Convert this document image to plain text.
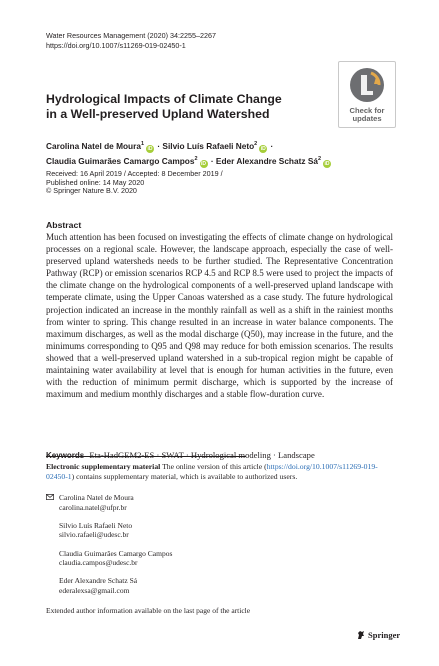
Water Resources Management (2020) 34:2255–2267
https://doi.org/10.1007/s11269-019-02450-1
Check for
updates
Hydrological Impacts of Climate Change
in a Well-preserved Upland Watershed
Carolina Natel de Moura$^1$iD · Silvio Luís Rafaeli Neto$^2$iD ·
Claudia Guimarães Camargo Campos$^2$iD · Eder Alexandre Schatz $Sá^2iD$
Received: 16 April 2019 / Accepted: 8 December 2019 /
Published online: 14 May 2020
© Springer Nature B.V. 2020
Abstract
Much attention has been focused on investigating the effects of climate change on hydrological processes on a regional scale. However, the landscape approach, especially the case of well-preserved upland watersheds needs to be further studied. The Representative Concentration Pathway (RCP) or emission scenarios RCP 4.5 and RCP 8.5 were used to project the impacts of the climate change on the hydrological components of a well-preserved upland landscape with temperate climate, using the Upper Canoas watershed as a case study. The future hydrological projection indicated an increase in the monthly rainfall as well as a shift in the rainiest months from winter to spring. This change resulted in an increase in water balance components. The maximum discharges, as well as the modal discharge (Q50), may increase in the future, and the minimums corresponding to Q95 and Q98 may reduce for both emission scenarios. The results showed that a well-preserved upland watershed in a sub-tropical region might be capable of maintaining water availability at level that is enough for human activities in the future, even with the reduction of minimum permit discharge, which is supported by the increase of maximum and medium monthly discharges and a stable flow-duration curve.
Keywords Eta-HadGEM2-ES · SWAT · Hydrological modeling · Landscape
Electronic supplementary material The online version of this article (https://doi.org/10.1007/s11269-019-02450-1) contains supplementary material, which is available to authorized users.
Carolina Natel de Moura
carolina.natel@ufpr.br
Silvio Luís Rafaeli Neto
silvio.rafaeli@udesc.br
Claudia Guimarães Camargo Campos
claudia.campos@udesc.br
Eder Alexandre Schatz Sá
ederalexsa@gmail.com
Extended author information available on the last page of the article
Springer
